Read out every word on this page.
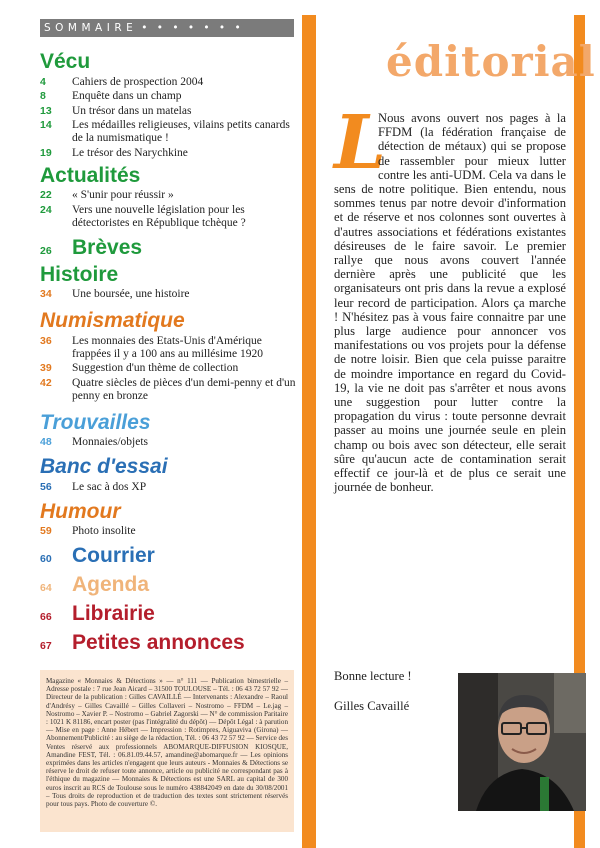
SOMMAIRE • • • • • • •
Vécu
4	Cahiers de prospection 2004
8	Enquête dans un champ
13	Un trésor dans un matelas
14	Les médailles religieuses, vilains petits canards de la numismatique !
19	Le trésor des Narychkine
Actualités
22	« S'unir pour réussir »
24	Vers une nouvelle législation pour les détectoristes en République tchèque ?
26 Brèves
Histoire
34	Une boursée, une histoire
Numismatique
36	Les monnaies des Etats-Unis d'Amérique frappées il y a 100 ans au millésime 1920
39	Suggestion d'un thème de collection
42	Quatre siècles de pièces d'un demi-penny et d'un penny en bronze
Trouvailles
48	Monnaies/objets
Banc d'essai
56	Le sac à dos XP
Humour
59	Photo insolite
60 Courrier
64 Agenda
66 Librairie
67 Petites annonces
Magazine « Monnaies & Détections » — n° 111 — Publication bimestrielle – Adresse postale : 7 rue Jean Aicard – 31500 TOULOUSE – Tél. : 06 43 72 57 92 — Directeur de la publication : Gilles CAVAILLÉ — Intervenants : Alexandre – Raoul d'Andrésy – Gilles Cavaillé – Gilles Collaveri – Nostromo – FFDM – Le.jag – Nostromo – Xavier P. – Nostromo – Gabriel Zagorski — N° de commission Paritaire : 1021 K 81186, encart poster (pas l'intégralité du dépôt) — Dépôt Légal : à parution — Mise en page : Anne Hébert — Impression : Rotimpres, Aiguaviva (Girona) — Abonnement/Publicité : au siège de la rédaction, Tél. : 06 43 72 57 92 — Service des Ventes réservé aux professionnels ABOMARQUE-DIFFUSION KIOSQUE, Amandine FEST, Tél. : 06.81.09.44.57, amandine@abomarque.fr — Les opinions exprimées dans les articles n'engagent que leurs auteurs - Monnaies & Détections se réserve le droit de refuser toute annonce, article ou publicité ne correspondant pas à l'éthique du magazine — Monnaies & Détections est une SARL au capital de 300 euros inscrit au RCS de Toulouse sous le numéro 438842049 en date du 30/08/2001 – Tous droits de reproduction et de traduction des textes sont strictement réservés pour tous pays. Photo de couverture ©.
éditorial
L

Nous avons ouvert nos pages à la FFDM (la fédération française de détection de métaux) qui se propose de rassembler pour mieux lutter contre les anti-UDM. Cela va dans le sens de notre politique. Bien entendu, nous sommes tenus par notre devoir d'information et de réserve et nos colonnes sont ouvertes à d'autres associations et fédérations existantes désireuses de le faire savoir. Le premier rallye que nous avons couvert l'année dernière après une publicité que les organisateurs ont pris dans la revue a explosé leur record de participation. Alors ça marche ! N'hésitez pas à vous faire connaitre par une plus large audience pour annoncer vos manifestations ou vos projets pour la défense de notre loisir. Bien que cela puisse paraitre de moindre importance en regard du Covid-19, la vie ne doit pas s'arrêter et nous avons une suggestion pour lutter contre la propagation du virus : toute personne devrait passer au moins une journée seule en plein champ ou bois avec son détecteur, elle serait sûre qu'aucun acte de contamination serait effectif ce jour-là et de plus ce serait une journée de bonheur.

Bonne lecture !
Gilles Cavaillé
